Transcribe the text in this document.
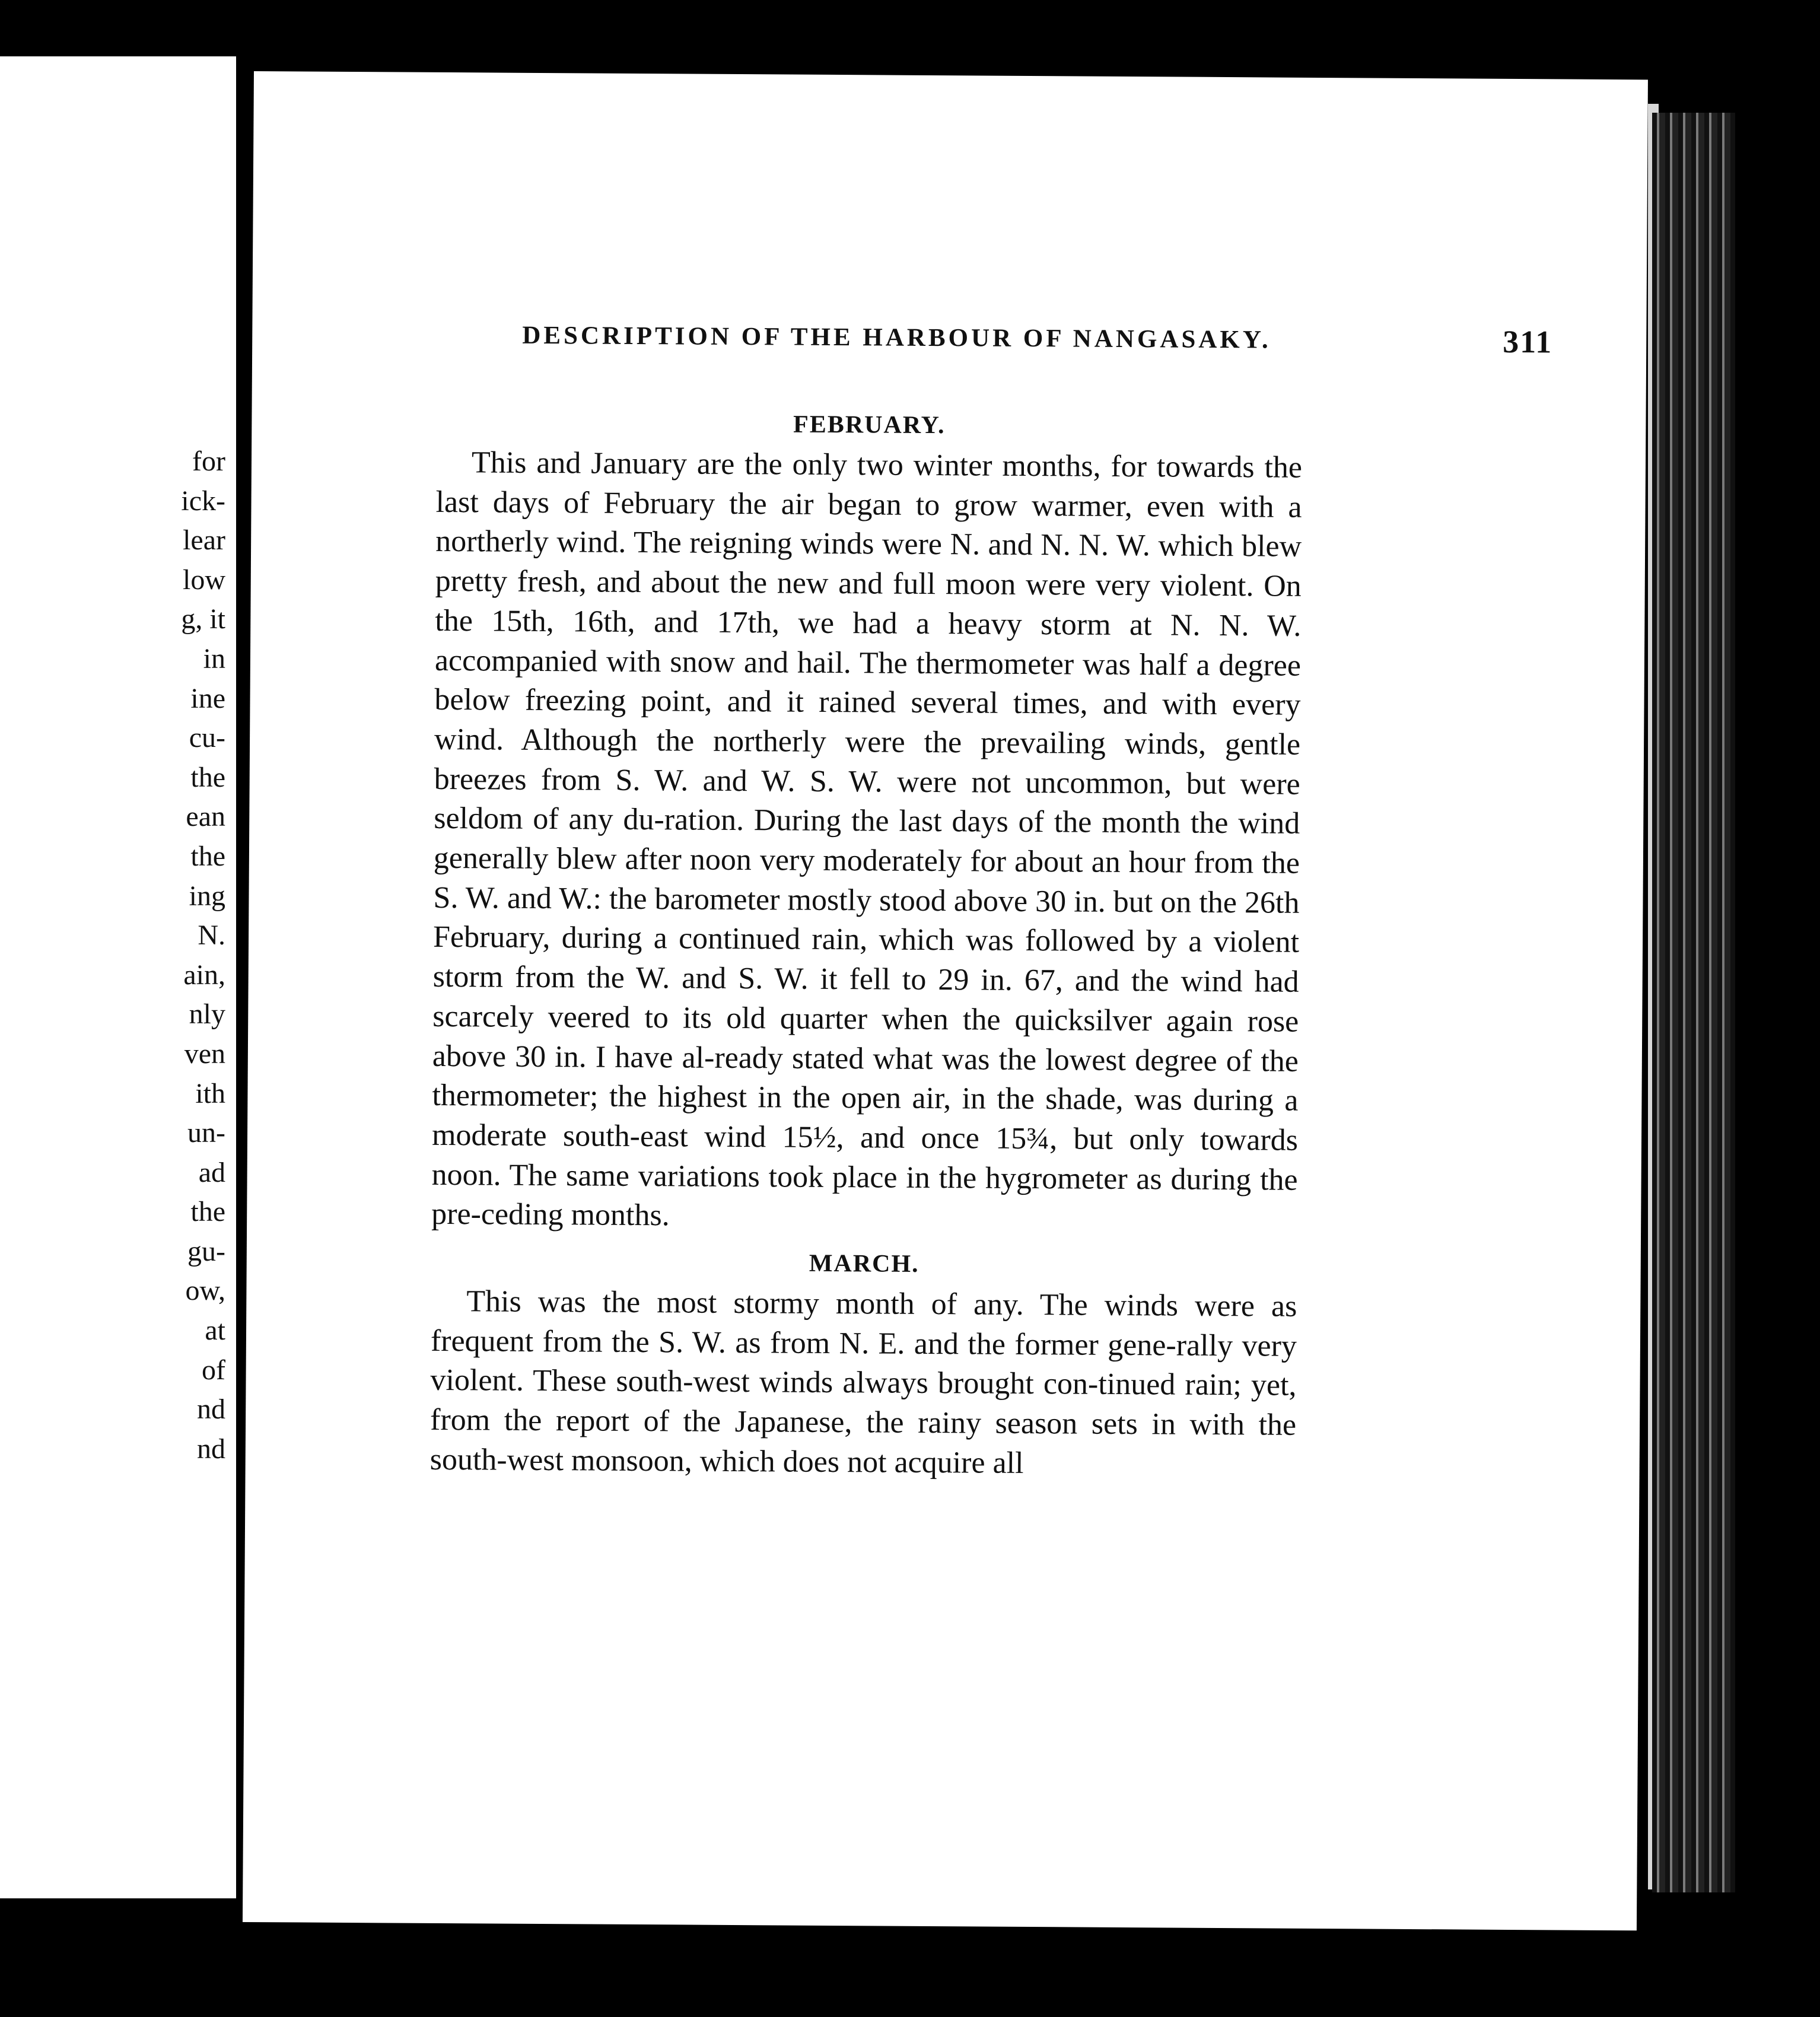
for
ick-
lear
low
g, it
in
ine
cu-
the
ean
the
ing
N.
ain,
nly
ven
ith
un-
ad
the
gu-
ow,
at
of
nd
nd
DESCRIPTION OF THE HARBOUR OF NANGASAKY.	311
FEBRUARY.

This and January are the only two winter months, for towards the last days of February the air began to grow warmer, even with a northerly wind. The reigning winds were N. and N. N. W. which blew pretty fresh, and about the new and full moon were very violent. On the 15th, 16th, and 17th, we had a heavy storm at N. N. W. accompanied with snow and hail. The thermometer was half a degree below freezing point, and it rained several times, and with every wind. Although the northerly were the prevailing winds, gentle breezes from S. W. and W. S. W. were not uncommon, but were seldom of any du-ration. During the last days of the month the wind generally blew after noon very moderately for about an hour from the S. W. and W.: the barometer mostly stood above 30 in. but on the 26th February, during a continued rain, which was followed by a violent storm from the W. and S. W. it fell to 29 in. 67, and the wind had scarcely veered to its old quarter when the quicksilver again rose above 30 in. I have al-ready stated what was the lowest degree of the thermometer; the highest in the open air, in the shade, was during a moderate south-east wind 15½, and once 15¾, but only towards noon. The same variations took place in the hygrometer as during the pre-ceding months.

MARCH.

This was the most stormy month of any. The winds were as frequent from the S. W. as from N. E. and the former gene-rally very violent. These south-west winds always brought con-tinued rain; yet, from the report of the Japanese, the rainy season sets in with the south-west monsoon, which does not acquire all
